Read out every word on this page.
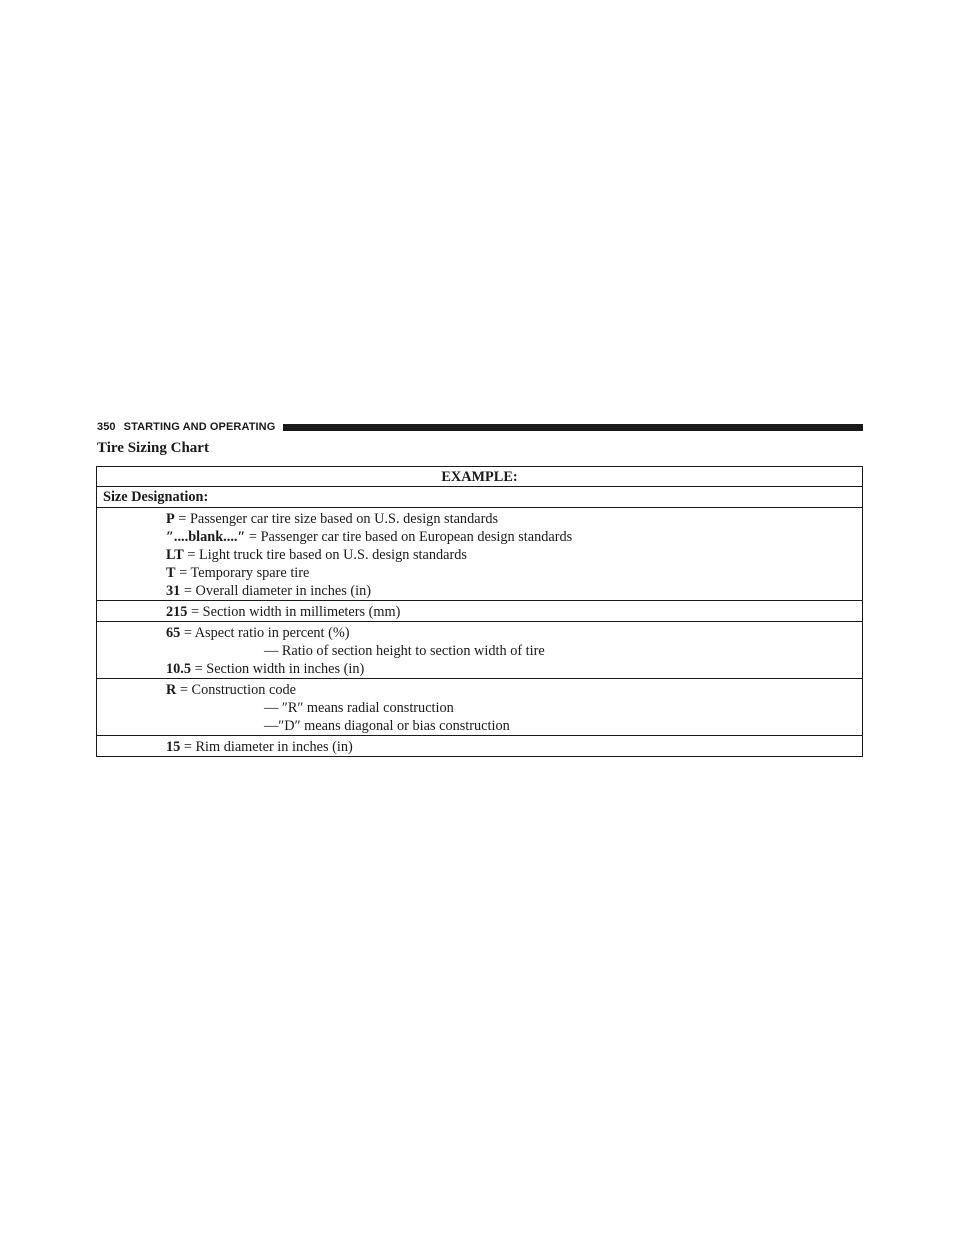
350 STARTING AND OPERATING
Tire Sizing Chart
EXAMPLE:
Size Designation:

P = Passenger car tire size based on U.S. design standards
″....blank....″ = Passenger car tire based on European design standards
LT = Light truck tire based on U.S. design standards
T = Temporary spare tire
31 = Overall diameter in inches (in)

215 = Section width in millimeters (mm)

65 = Aspect ratio in percent (%)
— Ratio of section height to section width of tire
10.5 = Section width in inches (in)

R = Construction code
— ″R″ means radial construction
—″D″ means diagonal or bias construction

15 = Rim diameter in inches (in)
